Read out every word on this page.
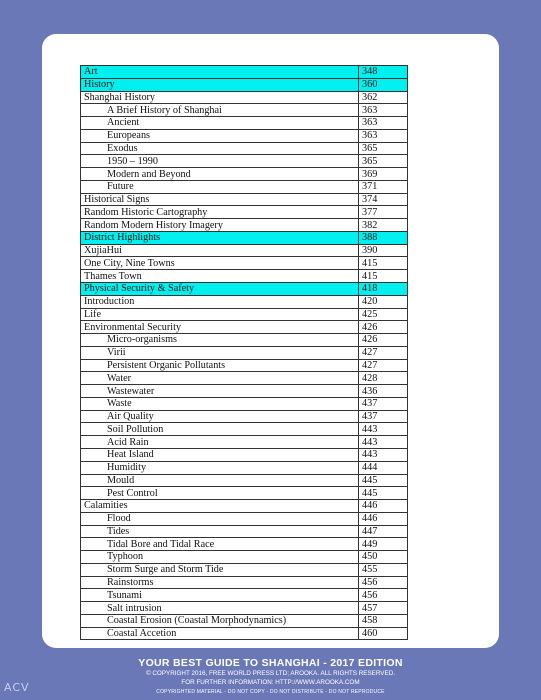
Art	348
History	360
Shanghai History	362
A Brief History of Shanghai	363
Ancient	363
Europeans	363
Exodus	365
1950 – 1990	365
Modern and Beyond	369
Future	371
Historical Signs	374
Random Historic Cartography	377
Random Modern History Imagery	382
District Highlights	388
XujiaHui	390
One City, Nine Towns	415
Thames Town	415
Physical Security & Safety	418
Introduction	420
Life	425
Environmental Security	426
Micro-organisms	426
Virii	427
Persistent Organic Pollutants	427
Water	428
Wastewater	436
Waste	437
Air Quality	437
Soil Pollution	443
Acid Rain	443
Heat Island	443
Humidity	444
Mould	445
Pest Control	445
Calamities	446
Flood	446
Tides	447
Tidal Bore and Tidal Race	449
Typhoon	450
Storm Surge and Storm Tide	455
Rainstorms	456
Tsunami	456
Salt intrusion	457
Coastal Erosion (Coastal Morphodynamics)	458
Coastal Accetion	460
YOUR BEST GUIDE TO SHANGHAI - 2017 EDITION
© COPYRIGHT 2016, FREE WORLD PRESS LTD; AROOKA. ALL RIGHTS RESERVED.
FOR FURTHER INFORMATION: HTTP://WWW.AROOKA.COM
COPYRIGHTED MATERIAL - DO NOT COPY - DO NOT DISTRIBUTE - DO NOT REPRODUCE
ACV
